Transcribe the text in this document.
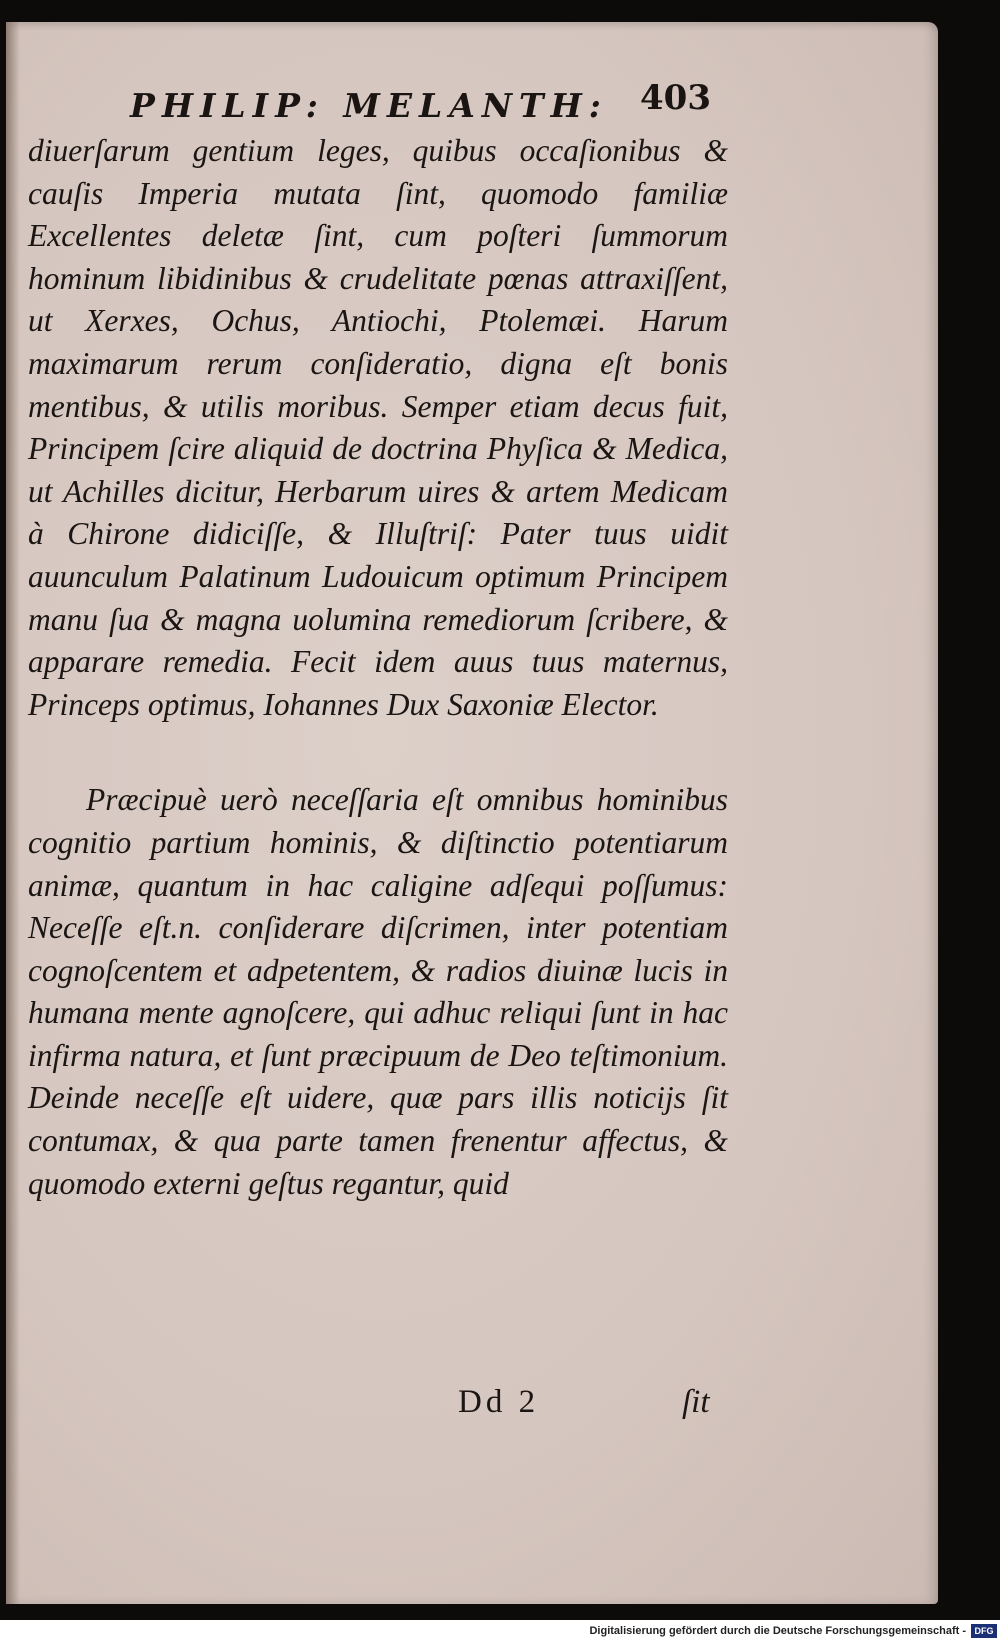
PHILIP: MELANTH: 403

diuerſarum gentium leges, quibus occaſionibus & cauſis Imperia mutata ſint, quomodo familiæ Excellentes deletæ ſint, cum poſteri ſummorum hominum libidinibus & crudelitate pœnas attraxiſſent, ut Xerxes, Ochus, Antiochi, Ptolemæi. Harum maximarum rerum conſideratio, digna eſt bonis mentibus, & utilis moribus. Semper etiam decus fuit, Principem ſcire aliquid de doctrina Phyſica & Medica, ut Achilles dicitur, Herbarum uires & artem Medicam à Chirone didiciſſe, & Illuſtriſ: Pater tuus uidit auunculum Palatinum Ludouicum optimum Principem manu ſua & magna uolumina remediorum ſcribere, & apparare remedia. Fecit idem auus tuus maternus, Princeps optimus, Iohannes Dux Saxoniæ Elector.

Præcipuè uerò neceſſaria eſt omnibus hominibus cognitio partium hominis, & diſtinctio potentiarum animæ, quantum in hac caligine adſequi poſſumus: Neceſſe eſt.n. conſiderare diſcrimen, inter potentiam cognoſcentem et adpetentem, & radios diuinæ lucis in humana mente agnoſcere, qui adhuc reliqui ſunt in hac infirma natura, et ſunt præcipuum de Deo teſtimonium. Deinde neceſſe eſt uidere, quæ pars illis noticijs ſit contumax, & qua parte tamen frenentur affectus, & quomodo externi geſtus regantur, quid

Dd 2	ſit
Digitalisierung gefördert durch die Deutsche Forschungsgemeinschaft - DFG
